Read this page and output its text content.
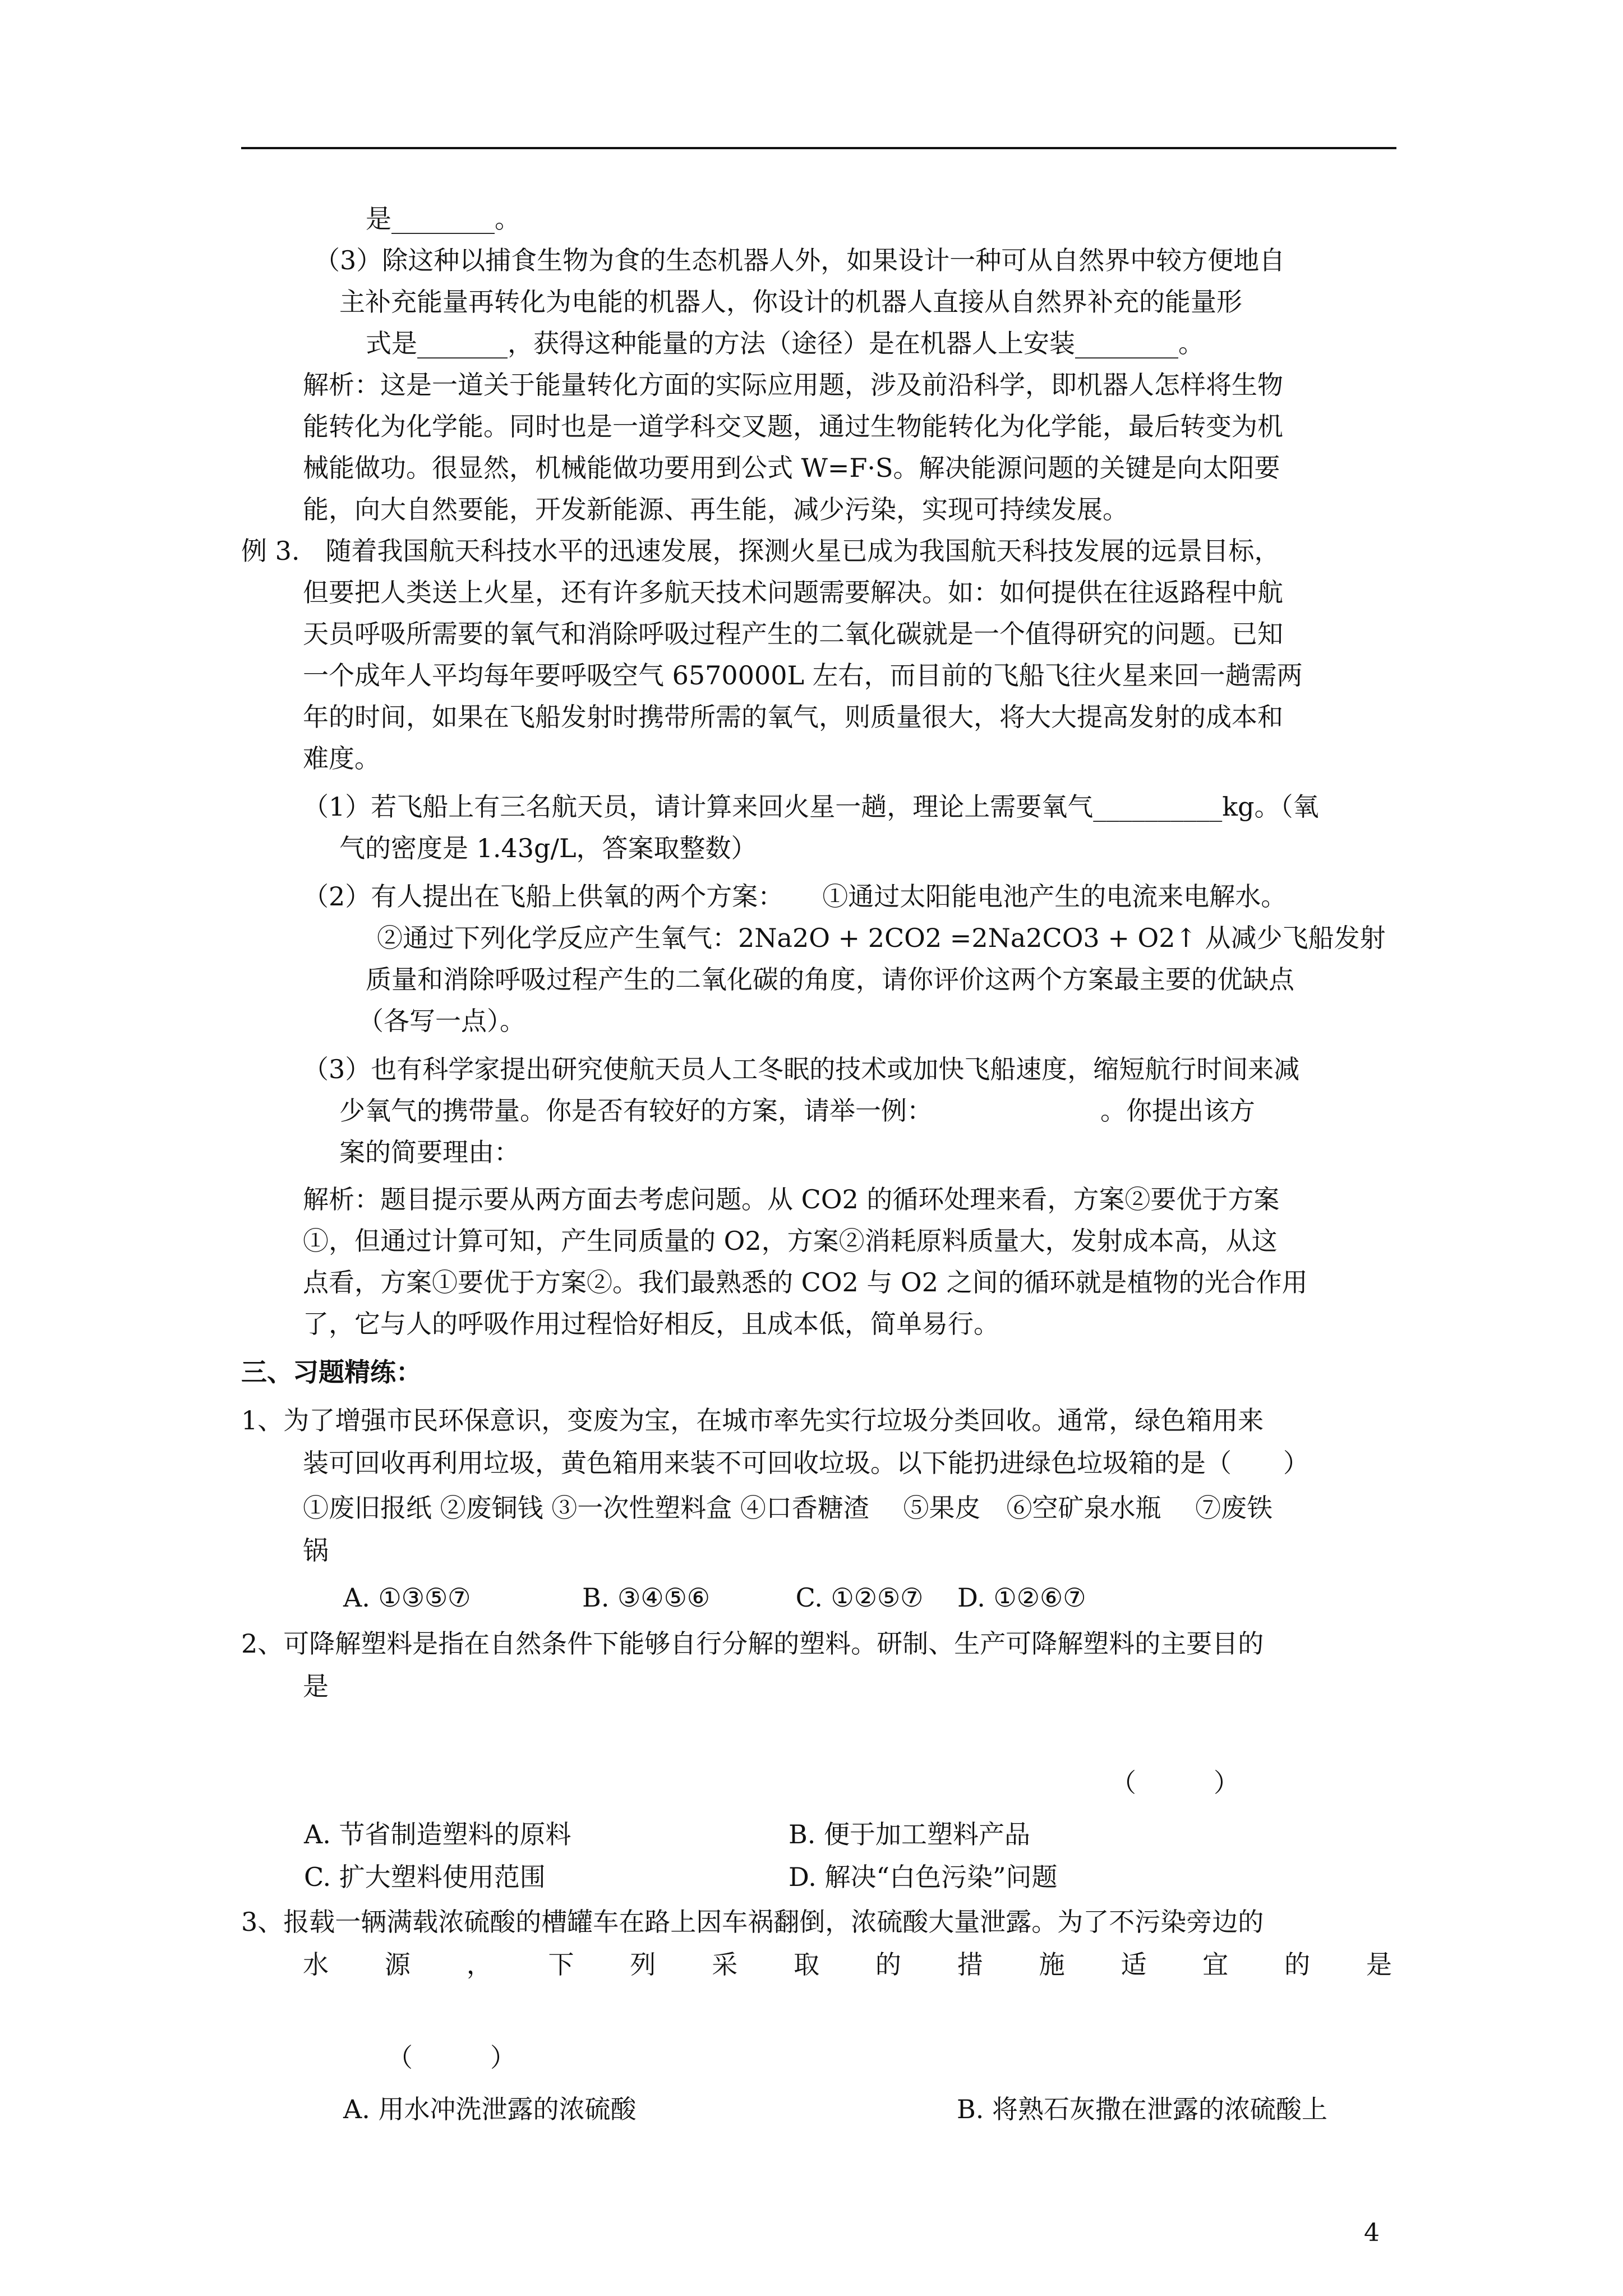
是________。
（3）除这种以捕食生物为食的生态机器人外，如果设计一种可从自然界中较方便地自
主补充能量再转化为电能的机器人，你设计的机器人直接从自然界补充的能量形
式是_______，获得这种能量的方法（途径）是在机器人上安装________。
解析：这是一道关于能量转化方面的实际应用题，涉及前沿科学，即机器人怎样将生物
能转化为化学能。同时也是一道学科交叉题，通过生物能转化为化学能，最后转变为机
械能做功。很显然，机械能做功要用到公式 W=F·S。解决能源问题的关键是向太阳要
能，向大自然要能，开发新能源、再生能，减少污染，实现可持续发展。
例 3.　随着我国航天科技水平的迅速发展，探测火星已成为我国航天科技发展的远景目标，
但要把人类送上火星，还有许多航天技术问题需要解决。如：如何提供在往返路程中航
天员呼吸所需要的氧气和消除呼吸过程产生的二氧化碳就是一个值得研究的问题。已知
一个成年人平均每年要呼吸空气 6570000L 左右，而目前的飞船飞往火星来回一趟需两
年的时间，如果在飞船发射时携带所需的氧气，则质量很大，将大大提高发射的成本和
难度。
（1）若飞船上有三名航天员，请计算来回火星一趟，理论上需要氧气__________kg。（氧
气的密度是 1.43g/L，答案取整数）
（2）有人提出在飞船上供氧的两个方案：　　①通过太阳能电池产生的电流来电解水。
②通过下列化学反应产生氧气：2Na2O + 2CO2 =2Na2CO3 + O2↑ 从减少飞船发射
质量和消除呼吸过程产生的二氧化碳的角度，请你评价这两个方案最主要的优缺点
（各写一点）。
（3）也有科学家提出研究使航天员人工冬眠的技术或加快飞船速度，缩短航行时间来减
少氧气的携带量。你是否有较好的方案，请举一例：　　　　　　　。你提出该方
案的简要理由：
解析：题目提示要从两方面去考虑问题。从 CO2 的循环处理来看，方案②要优于方案
①，但通过计算可知，产生同质量的 O2，方案②消耗原料质量大，发射成本高，从这
点看，方案①要优于方案②。我们最熟悉的 CO2 与 O2 之间的循环就是植物的光合作用
了，它与人的呼吸作用过程恰好相反，且成本低，简单易行。
三、习题精练：
1、为了增强市民环保意识，变废为宝，在城市率先实行垃圾分类回收。通常，绿色箱用来
装可回收再利用垃圾，黄色箱用来装不可回收垃圾。以下能扔进绿色垃圾箱的是（　　）
①废旧报纸 ②废铜钱 ③一次性塑料盒 ④口香糖渣　 ⑤果皮　⑥空矿泉水瓶　 ⑦废铁
锅
A. ①③⑤⑦　　　　 B. ③④⑤⑥　　　 C. ①②⑤⑦　 D. ①②⑥⑦
2、可降解塑料是指在自然条件下能够自行分解的塑料。研制、生产可降解塑料的主要目的
是
（　　　）
A. 节省制造塑料的原料	B. 便于加工塑料产品
C. 扩大塑料使用范围	D. 解决“白色污染”问题
3、报载一辆满载浓硫酸的槽罐车在路上因车祸翻倒，浓硫酸大量泄露。为了不污染旁边的
水 源 ， 下 列 采 取 的 措 施 适 宜 的 是
（　　　）
A. 用水冲洗泄露的浓硫酸	B. 将熟石灰撒在泄露的浓硫酸上
4
